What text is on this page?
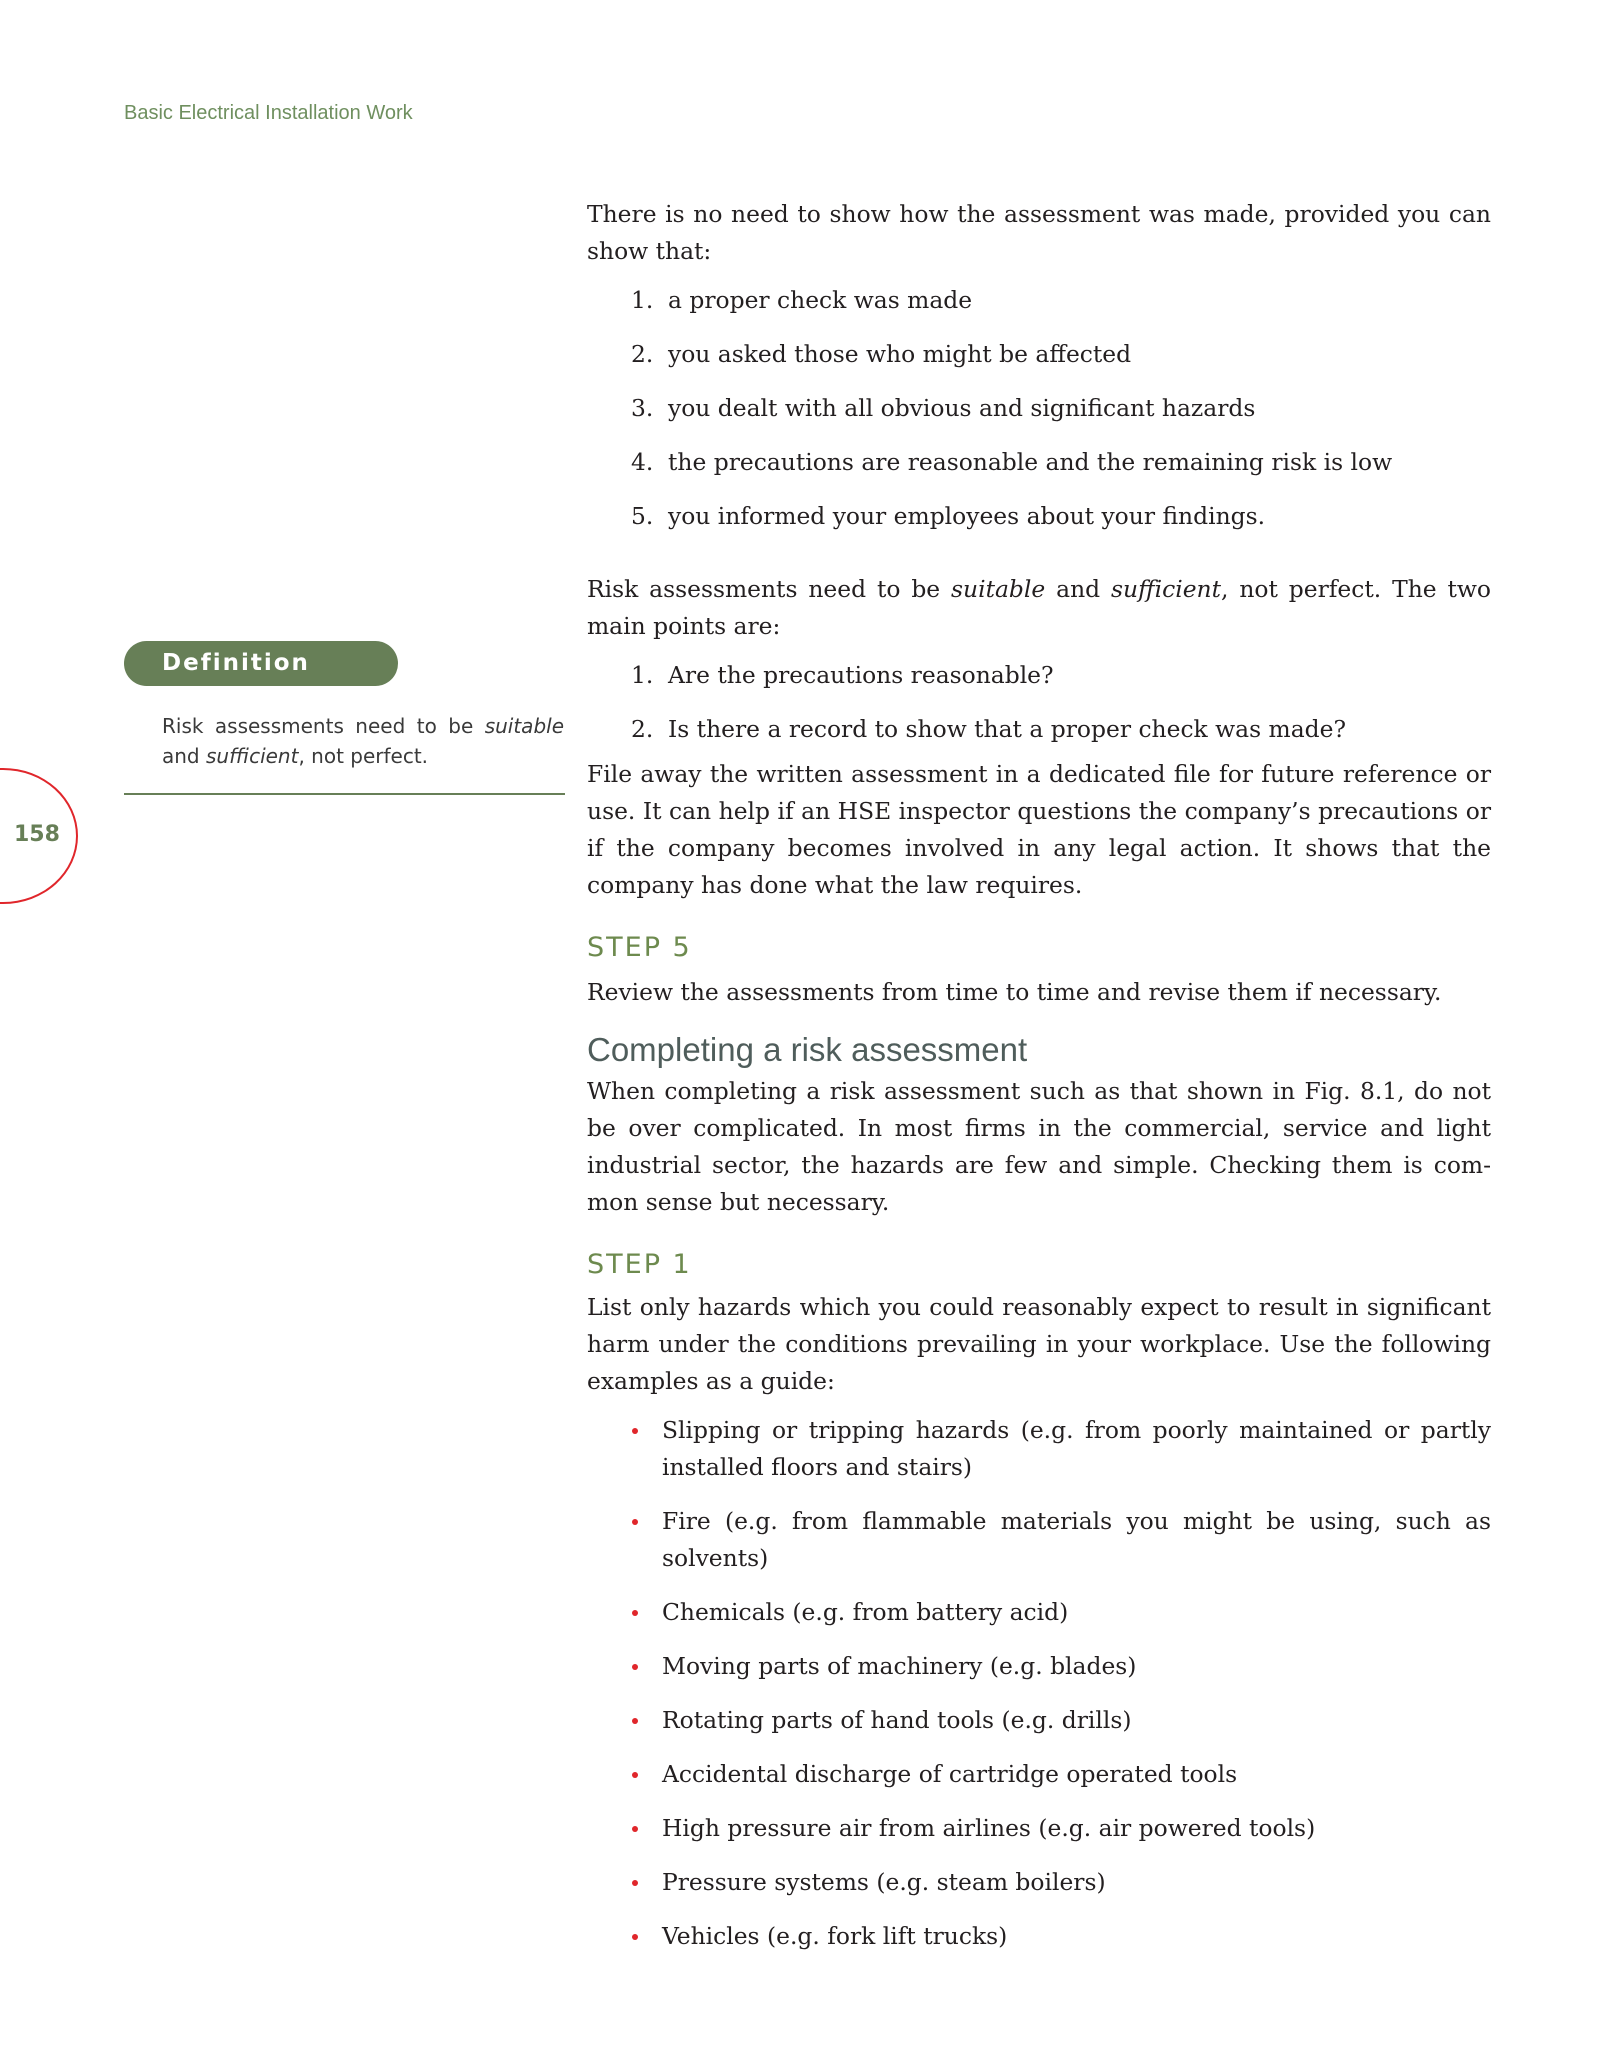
Basic Electrical Installation Work
158
Definition
Risk assessments need to be suitable and sufficient, not perfect.

There is no need to show how the assessment was made, provided you can show that:

1. a proper check was made
2. you asked those who might be affected
3. you dealt with all obvious and significant hazards
4. the precautions are reasonable and the remaining risk is low
5. you informed your employees about your findings.

Risk assessments need to be suitable and sufficient, not perfect. The two main points are:

1. Are the precautions reasonable?
2. Is there a record to show that a proper check was made?

File away the written assessment in a dedicated file for future reference or use. It can help if an HSE inspector questions the company’s precautions or if the company becomes involved in any legal action. It shows that the company has done what the law requires.

STEP 5

Review the assessments from time to time and revise them if necessary.

Completing a risk assessment

When completing a risk assessment such as that shown in Fig. 8.1, do not be over complicated. In most firms in the commercial, service and light industrial sector, the hazards are few and simple. Checking them is com-mon sense but necessary.

STEP 1

List only hazards which you could reasonably expect to result in significant harm under the conditions prevailing in your workplace. Use the following examples as a guide:

Slipping or tripping hazards (e.g. from poorly maintained or partly installed floors and stairs)
Fire (e.g. from flammable materials you might be using, such as solvents)
Chemicals (e.g. from battery acid)
Moving parts of machinery (e.g. blades)
Rotating parts of hand tools (e.g. drills)
Accidental discharge of cartridge operated tools
High pressure air from airlines (e.g. air powered tools)
Pressure systems (e.g. steam boilers)
Vehicles (e.g. fork lift trucks)
